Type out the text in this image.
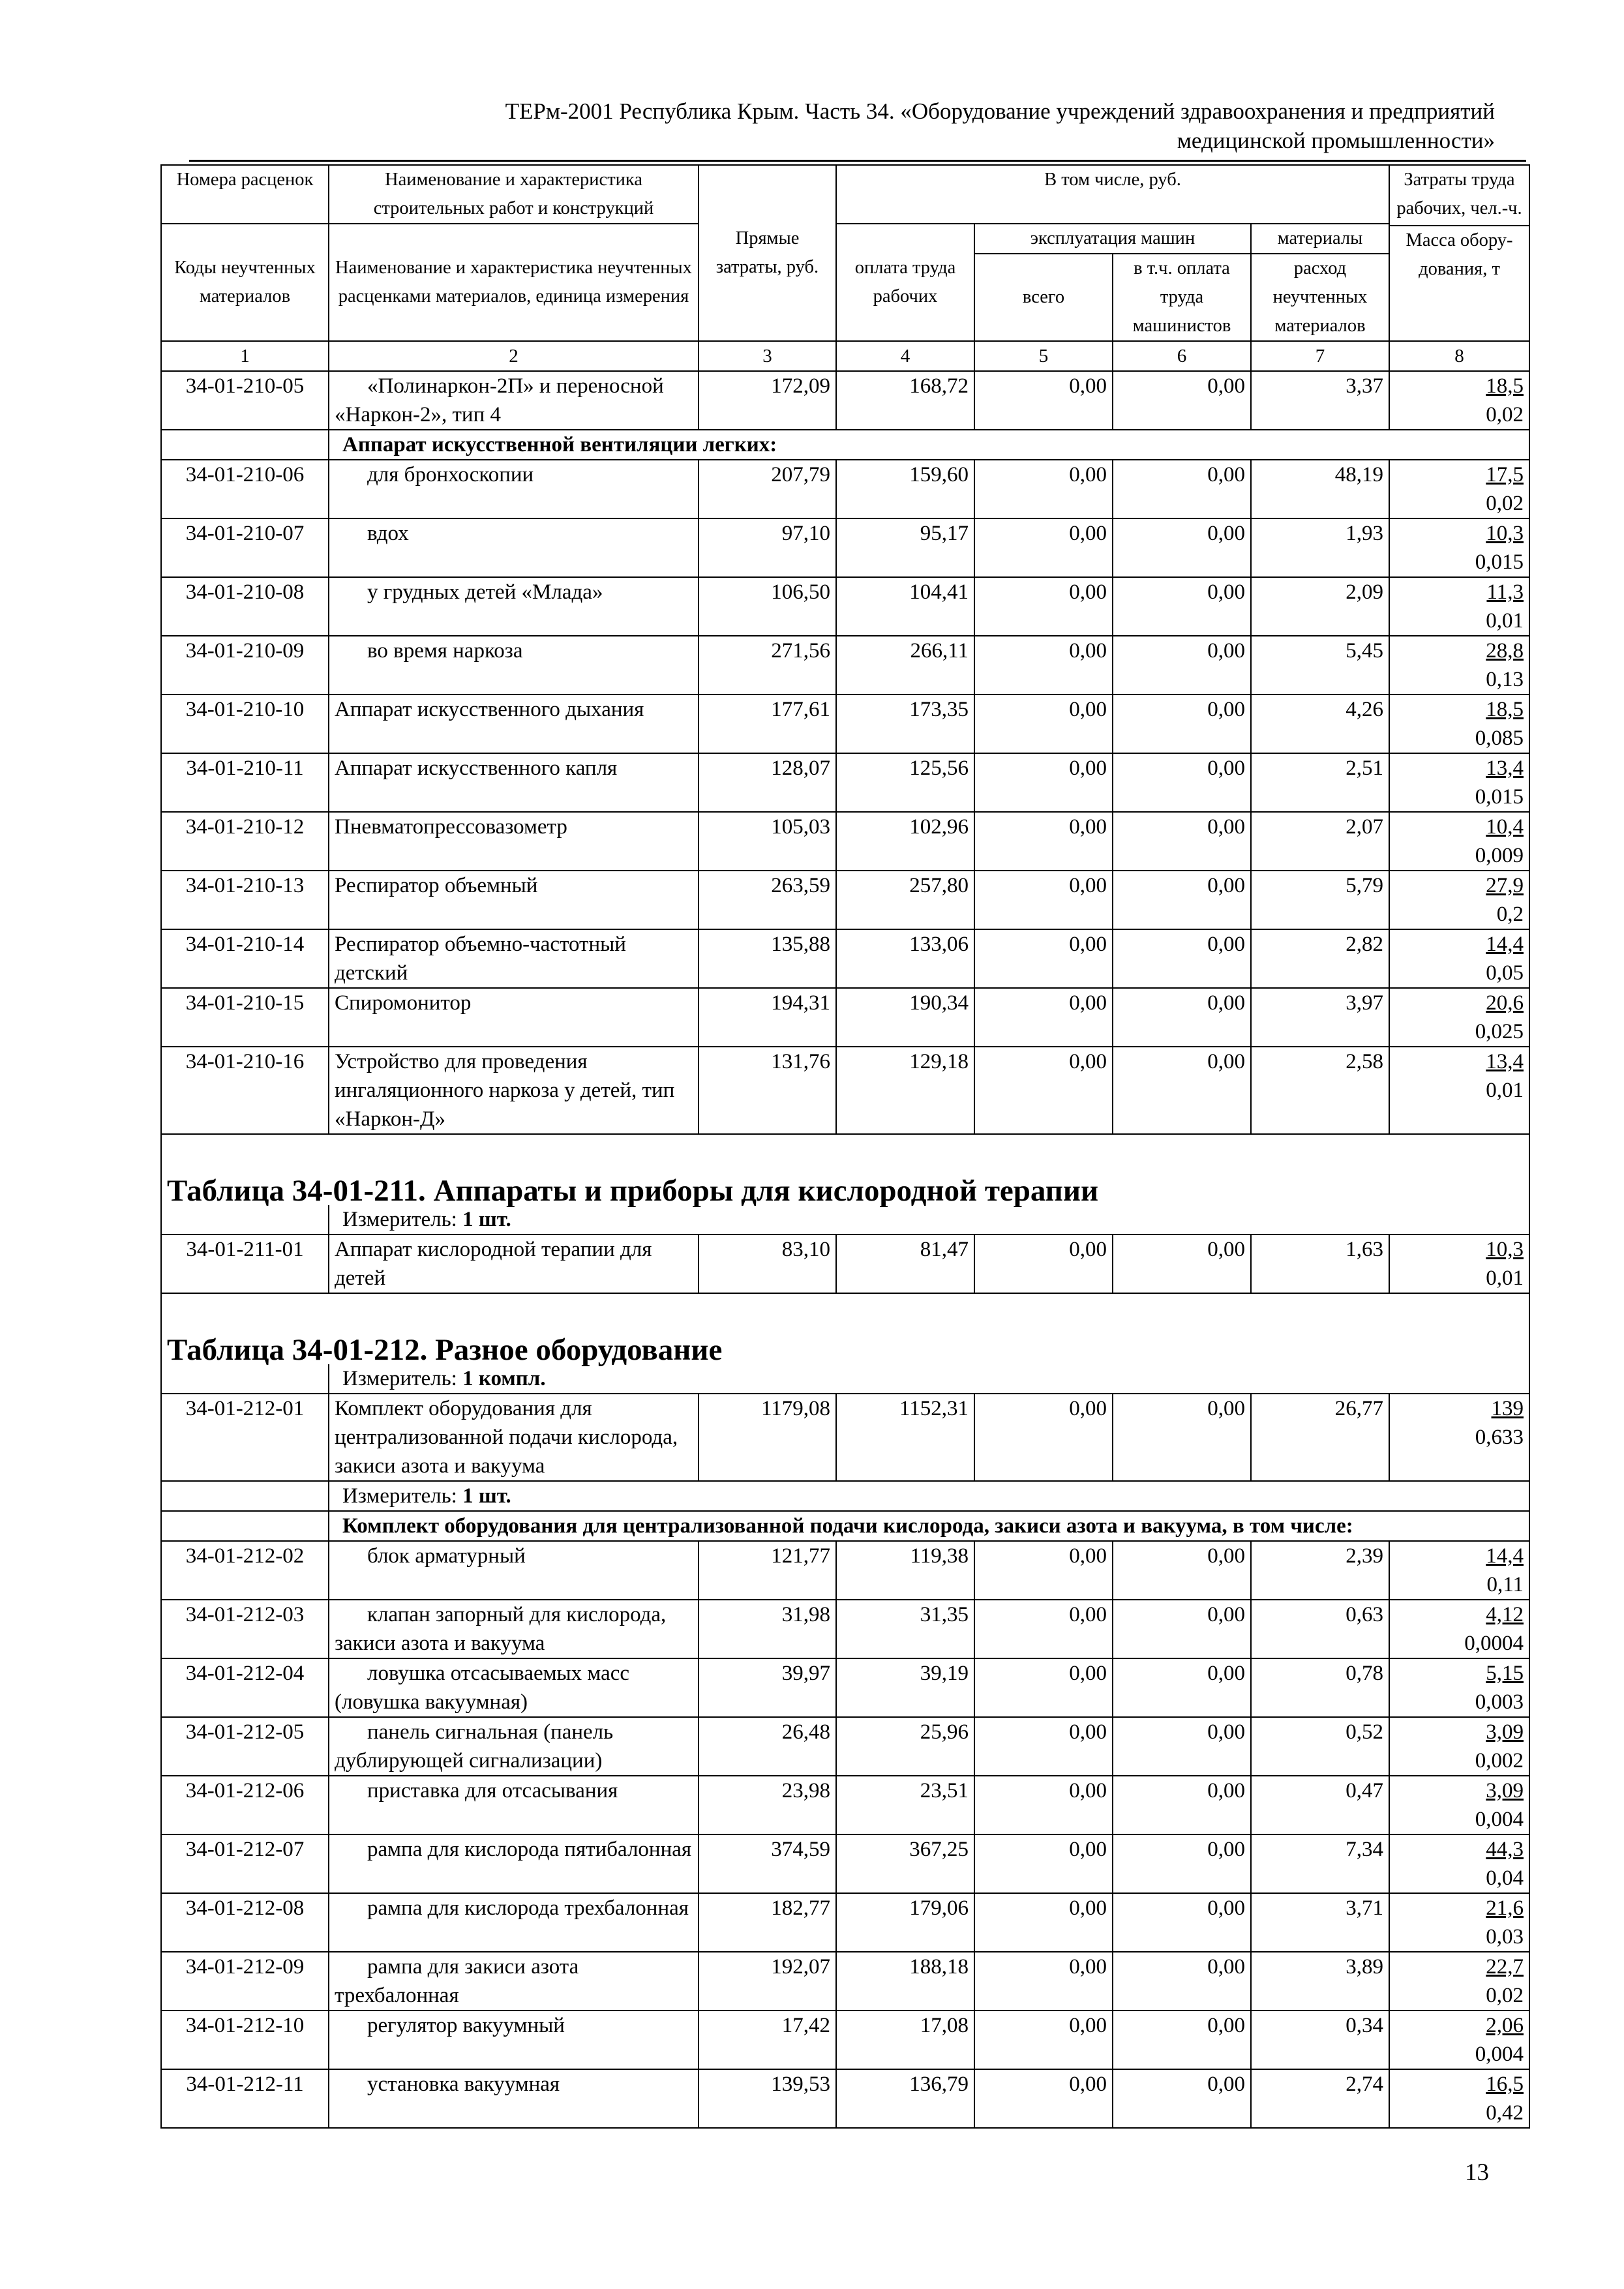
ТЕРм-2001 Республика Крым. Часть 34. «Оборудование учреждений здравоохранения и предприятий
медицинской промышленности»
Номера расценок	Наименование и характеристика строительных работ и конструкций	Прямые затраты, руб.	В том числе, руб.				Затраты труда рабочих, чел.-ч.
Масса обору-дования, т

Коды неучтенных материалов	Наименование и характеристика неучтенных расценками материалов, единица измерения		оплата труда рабочих	эксплуатация машин		материалы	
				всего	в т.ч. оплата труда машинистов	расход неучтенных материалов	
1	2	3	4	5	6	7	8
34-01-210-05	«Полинаркон-2П» и переносной «Наркон-2», тип 4	172,09	168,72	0,00	0,00	3,37	18,5
0,02

	Аппарат искусственной вентиляции легких:						
34-01-210-06	для бронхоскопии	207,79	159,60	0,00	0,00	48,19	17,5
0,02

34-01-210-07	вдох	97,10	95,17	0,00	0,00	1,93	10,3
0,015

34-01-210-08	у грудных детей «Млада»	106,50	104,41	0,00	0,00	2,09	11,3
0,01

34-01-210-09	во время наркоза	271,56	266,11	0,00	0,00	5,45	28,8
0,13

34-01-210-10	Аппарат искусственного дыхания	177,61	173,35	0,00	0,00	4,26	18,5
0,085

34-01-210-11	Аппарат искусственного капля	128,07	125,56	0,00	0,00	2,51	13,4
0,015

34-01-210-12	Пневматопрессовазометр	105,03	102,96	0,00	0,00	2,07	10,4
0,009

34-01-210-13	Респиратор объемный	263,59	257,80	0,00	0,00	5,79	27,9
0,2

34-01-210-14	Респиратор объемно-частотный детский	135,88	133,06	0,00	0,00	2,82	14,4
0,05

34-01-210-15	Спиромонитор	194,31	190,34	0,00	0,00	3,97	20,6
0,025

34-01-210-16	Устройство для проведения ингаляционного наркоза у детей, тип «Наркон-Д»	131,76	129,18	0,00	0,00	2,58	13,4
0,01

Таблица 34-01-211. Аппараты и приборы для кислородной терапии							
	Измеритель: 1 шт.						
34-01-211-01	Аппарат кислородной терапии для детей	83,10	81,47	0,00	0,00	1,63	10,3
0,01

Таблица 34-01-212. Разное оборудование							
	Измеритель: 1 компл.						
34-01-212-01	Комплект оборудования для централизованной подачи кислорода, закиси азота и вакуума	1179,08	1152,31	0,00	0,00	26,77	139
0,633

	Измеритель: 1 шт.						
	Комплект оборудования для централизованной подачи кислорода, закиси азота и вакуума, в том числе:						
34-01-212-02	блок арматурный	121,77	119,38	0,00	0,00	2,39	14,4
0,11

34-01-212-03	клапан запорный для кислорода, закиси азота и вакуума	31,98	31,35	0,00	0,00	0,63	4,12
0,0004

34-01-212-04	ловушка отсасываемых масс (ловушка вакуумная)	39,97	39,19	0,00	0,00	0,78	5,15
0,003

34-01-212-05	панель сигнальная (панель дублирующей сигнализации)	26,48	25,96	0,00	0,00	0,52	3,09
0,002

34-01-212-06	приставка для отсасывания	23,98	23,51	0,00	0,00	0,47	3,09
0,004

34-01-212-07	рампа для кислорода пятибалонная	374,59	367,25	0,00	0,00	7,34	44,3
0,04

34-01-212-08	рампа для кислорода трехбалонная	182,77	179,06	0,00	0,00	3,71	21,6
0,03

34-01-212-09	рампа для закиси азота трехбалонная	192,07	188,18	0,00	0,00	3,89	22,7
0,02

34-01-212-10	регулятор вакуумный	17,42	17,08	0,00	0,00	0,34	2,06
0,004

34-01-212-11	установка вакуумная	139,53	136,79	0,00	0,00	2,74	16,5
0,42
13
